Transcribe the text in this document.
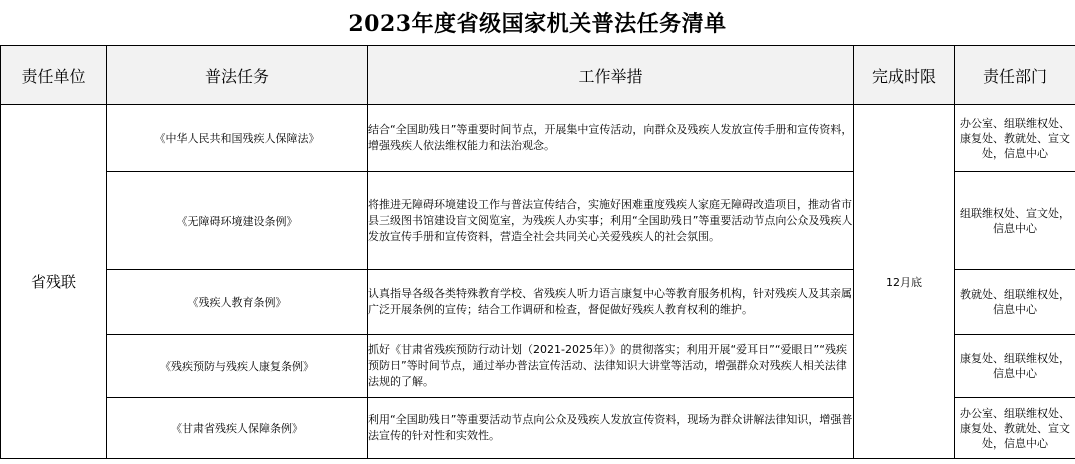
2023年度省级国家机关普法任务清单
责任单位	普法任务	工作举措	完成时限	责任部门
省残联	《中华人民共和国残疾人保障法》	结合“全国助残日”等重要时间节点，开展集中宣传活动，向群众及残疾人发放宣传手册和宣传资料，增强残疾人依法维权能力和法治观念。	12月底	办公室、组联维权处、康复处、教就处、宣文处，信息中心
	《无障碍环境建设条例》	将推进无障碍环境建设工作与普法宣传结合，实施好困难重度残疾人家庭无障碍改造项目，推动省市县三级图书馆建设盲文阅览室，为残疾人办实事；利用“全国助残日”等重要活动节点向公众及残疾人发放宣传手册和宣传资料，营造全社会共同关心关爱残疾人的社会氛围。		组联维权处、宣文处，信息中心
	《残疾人教育条例》	认真指导各级各类特殊教育学校、省残疾人听力语言康复中心等教育服务机构，针对残疾人及其亲属广泛开展条例的宣传；结合工作调研和检查，督促做好残疾人教育权利的维护。		教就处、组联维权处，信息中心
	《残疾预防与残疾人康复条例》	抓好《甘肃省残疾预防行动计划（2021-2025年）》的贯彻落实；利用开展“爱耳日”“爱眼日”“残疾预防日”等时间节点，通过举办普法宣传活动、法律知识大讲堂等活动，增强群众对残疾人相关法律法规的了解。		康复处、组联维权处，信息中心
	《甘肃省残疾人保障条例》	利用“全国助残日”等重要活动节点向公众及残疾人发放宣传资料，现场为群众讲解法律知识，增强普法宣传的针对性和实效性。		办公室、组联维权处、康复处、教就处、宣文处，信息中心
